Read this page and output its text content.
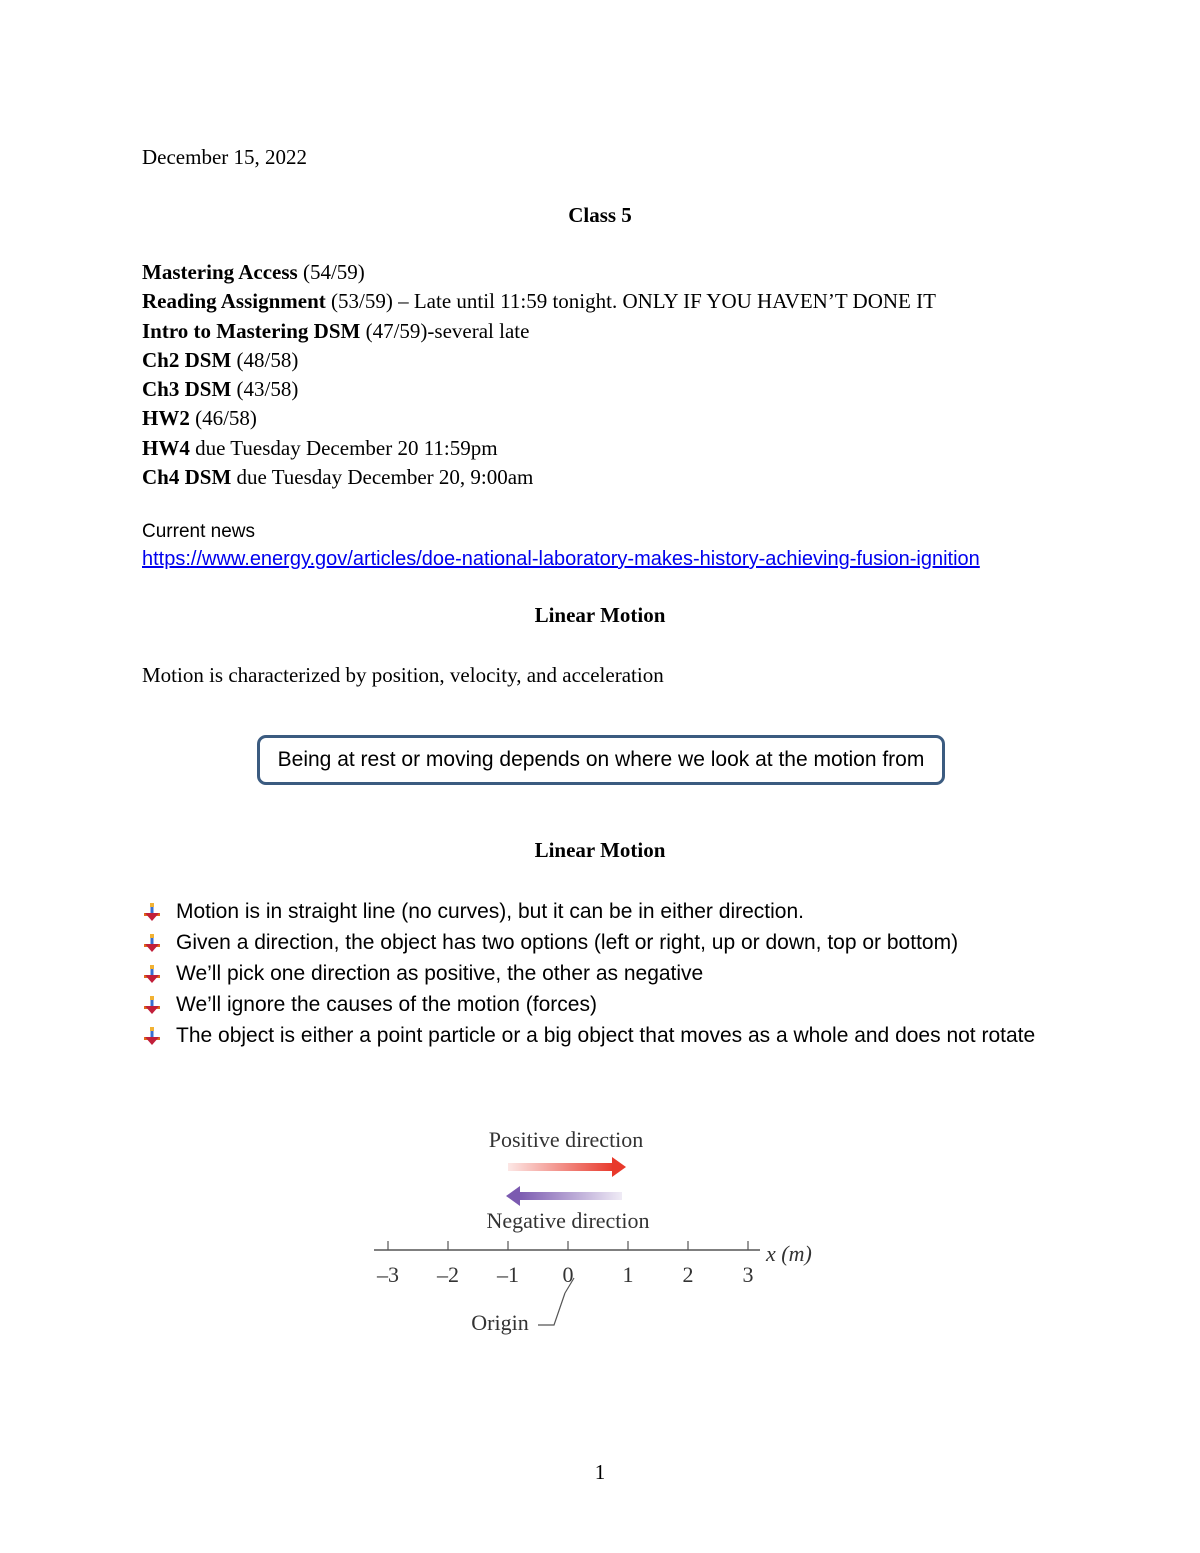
December 15, 2022
Class 5
Mastering Access (54/59)
Reading Assignment (53/59) – Late until 11:59 tonight. ONLY IF YOU HAVEN’T DONE IT
Intro to Mastering DSM (47/59)-several late
Ch2 DSM (48/58)
Ch3 DSM (43/58)
HW2 (46/58)
HW4 due Tuesday December 20 11:59pm
Ch4 DSM due Tuesday December 20, 9:00am
Current news
https://www.energy.gov/articles/doe-national-laboratory-makes-history-achieving-fusion-ignition
Linear Motion
Motion is characterized by position, velocity, and acceleration
Being at rest or moving depends on where we look at the motion from
Linear Motion
Motion is in straight line (no curves), but it can be in either direction.
Given a direction, the object has two options (left or right, up or down, top or bottom)
We’ll pick one direction as positive, the other as negative
We’ll ignore the causes of the motion (forces)
The object is either a point particle or a big object that moves as a whole and does not rotate
Positive direction
Negative direction
–3 –2 –1 0 1 2 3
x (m)
Origin
1
